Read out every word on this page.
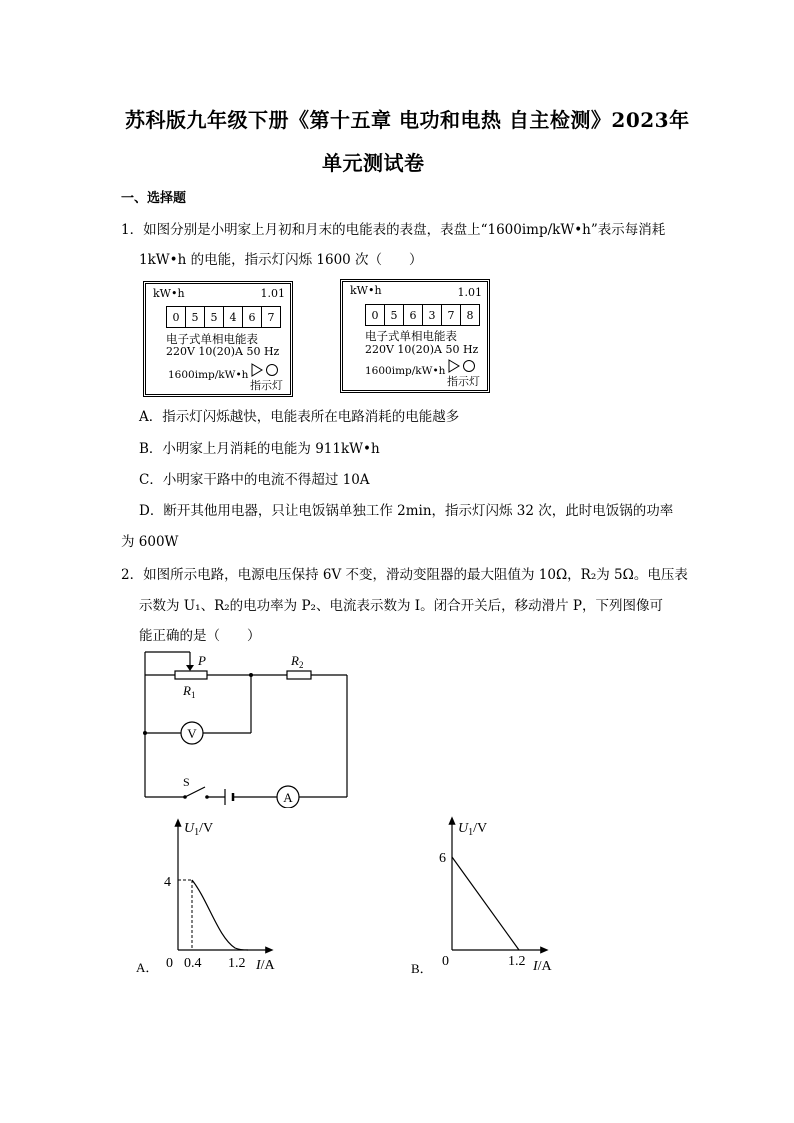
苏科版九年级下册《第十五章 电功和电热 自主检测》2023年
单元测试卷
一、选择题
1．如图分别是小明家上月初和月末的电能表的表盘，表盘上“1600imp/kW•h”表示每消耗
1kW•h 的电能，指示灯闪烁 1600 次（　　）
kW•h	1.01
0	5	5	4	6	7
电子式单相电能表
220V 10(20)A 50 Hz
1600imp/kW•h
指示灯
kW•h	1.01
0	5	6	3	7	8
电子式单相电能表
220V 10(20)A 50 Hz
1600imp/kW•h
指示灯
A．指示灯闪烁越快，电能表所在电路消耗的电能越多
B．小明家上月消耗的电能为 911kW•h
C．小明家干路中的电流不得超过 10A
D．断开其他用电器，只让电饭锅单独工作 2min，指示灯闪烁 32 次，此时电饭锅的功率
为 600W
2．如图所示电路，电源电压保持 6V 不变，滑动变阻器的最大阻值为 10Ω，R₂为 5Ω。电压表
示数为 U₁、R₂的电功率为 P₂、电流表示数为 I。闭合开关后，移动滑片 P，下列图像可
能正确的是（　　）
P
$R_1$
$R_2$
V
A
S
$U_1/V$
4
0 0.4 1.2 I/A
A．
$U_1/V$
6
0	1.2 I/A
B．
